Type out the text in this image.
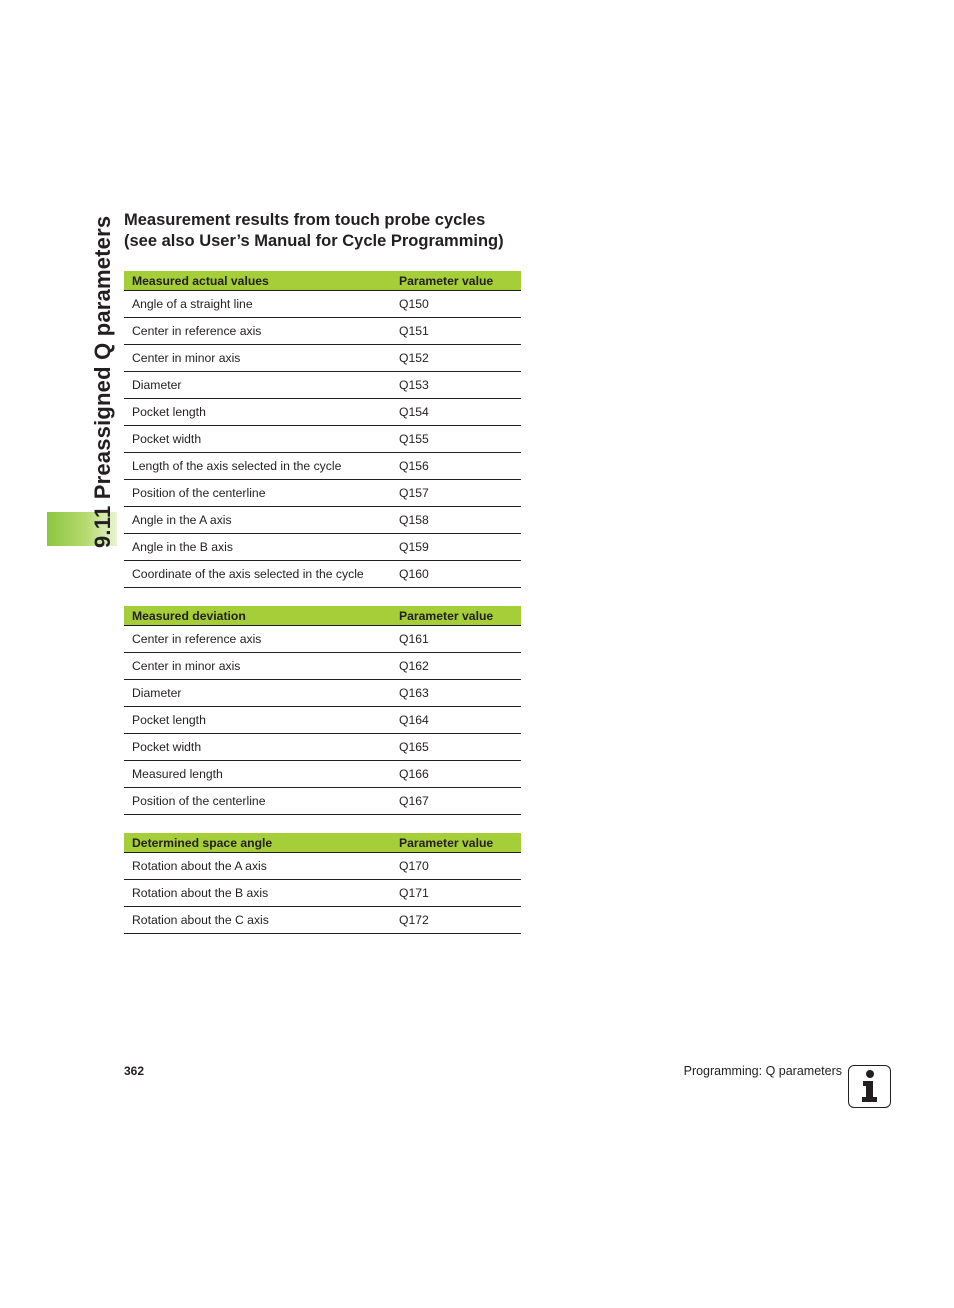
9.11 Preassigned Q parameters Measurement results from touch probe cycles
(see also User’s Manual for Cycle Programming)
Measured actual values	Parameter value
Angle of a straight line	Q150
Center in reference axis	Q151
Center in minor axis	Q152
Diameter	Q153
Pocket length	Q154
Pocket width	Q155
Length of the axis selected in the cycle	Q156
Position of the centerline	Q157
Angle in the A axis	Q158
Angle in the B axis	Q159
Coordinate of the axis selected in the cycle	Q160
Measured deviation	Parameter value
Center in reference axis	Q161
Center in minor axis	Q162
Diameter	Q163
Pocket length	Q164
Pocket width	Q165
Measured length	Q166
Position of the centerline	Q167
Determined space angle	Parameter value
Rotation about the A axis	Q170
Rotation about the B axis	Q171
Rotation about the C axis	Q172
362	Programming: Q parameters
